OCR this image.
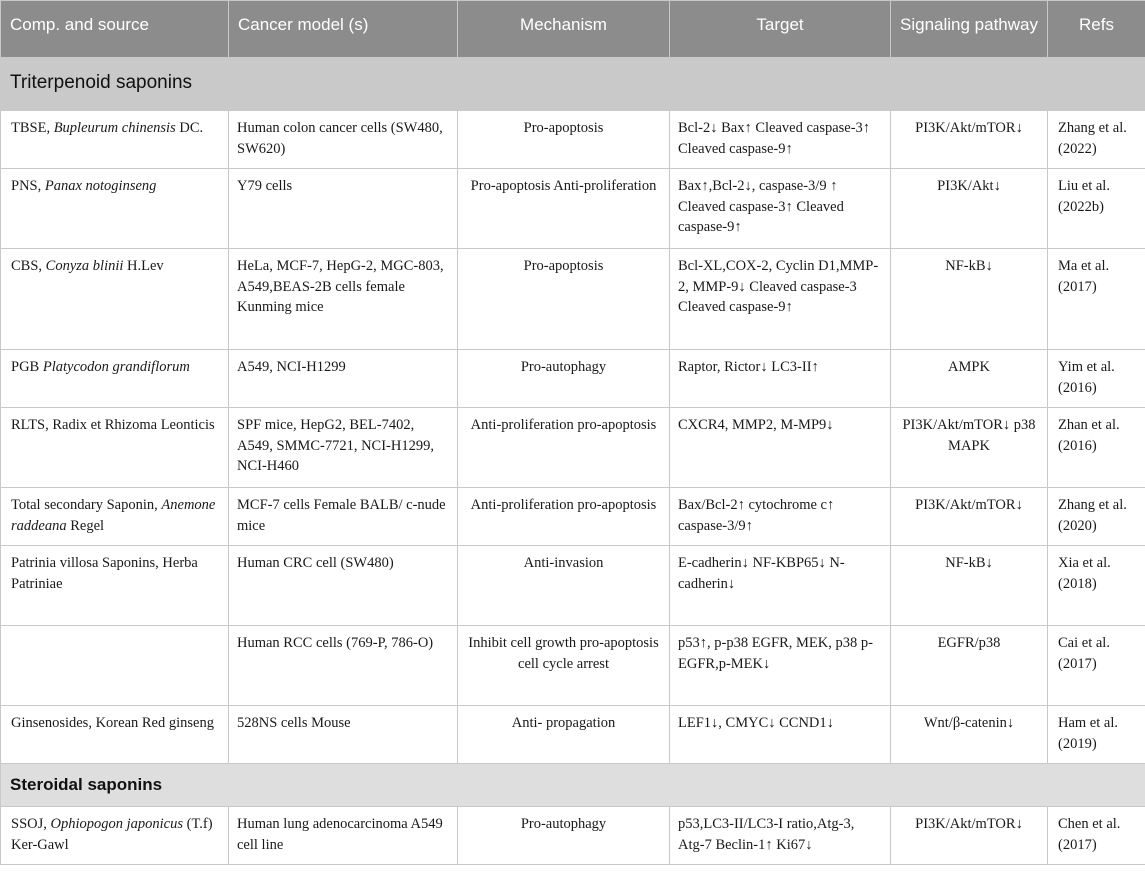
Comp. and source	Cancer model (s)	Mechanism	Target	Signaling pathway	Refs
Triterpenoid saponins					
TBSE, Bupleurum chinensis DC.	Human colon cancer cells (SW480, SW620)	Pro-apoptosis	Bcl-2↓ Bax↑ Cleaved caspase-3↑ Cleaved caspase-9↑	PI3K/Akt/mTOR↓	Zhang et al. (2022)
PNS, Panax notoginseng	Y79 cells	Pro-apoptosis Anti-proliferation	Bax↑,Bcl-2↓, caspase-3/9 ↑ Cleaved caspase-3↑ Cleaved caspase-9↑	PI3K/Akt↓	Liu et al. (2022b)
CBS, Conyza blinii H.Lev	HeLa, MCF-7, HepG-2, MGC-803, A549,BEAS-2B cells female Kunming mice	Pro-apoptosis	Bcl-XL,COX-2, Cyclin D1,MMP-2, MMP-9↓ Cleaved caspase-3 Cleaved caspase-9↑	NF-kB↓	Ma et al. (2017)
PGB Platycodon grandiflorum	A549, NCI-H1299	Pro-autophagy	Raptor, Rictor↓ LC3-II↑	AMPK	Yim et al. (2016)
RLTS, Radix et Rhizoma Leonticis	SPF mice, HepG2, BEL-7402, A549, SMMC-7721, NCI-H1299, NCI-H460	Anti-proliferation pro-apoptosis	CXCR4, MMP2, M-MP9↓	PI3K/Akt/mTOR↓ p38 MAPK	Zhan et al. (2016)
Total secondary Saponin, Anemone raddeana Regel	MCF-7 cells Female BALB/ c-nude mice	Anti-proliferation pro-apoptosis	Bax/Bcl-2↑ cytochrome c↑ caspase-3/9↑	PI3K/Akt/mTOR↓	Zhang et al. (2020)
Patrinia villosa Saponins, Herba Patriniae	Human CRC cell (SW480)	Anti-invasion	E-cadherin↓ NF-KBP65↓ N-cadherin↓	NF-kB↓	Xia et al. (2018)
	Human RCC cells (769-P, 786-O)	Inhibit cell growth pro-apoptosis cell cycle arrest	p53↑, p-p38 EGFR, MEK, p38 p-EGFR,p-MEK↓	EGFR/p38	Cai et al. (2017)
Ginsenosides, Korean Red ginseng	528NS cells Mouse	Anti- propagation	LEF1↓, CMYC↓ CCND1↓	Wnt/β-catenin↓	Ham et al. (2019)
Steroidal saponins					
SSOJ, Ophiopogon japonicus (T.f) Ker-Gawl	Human lung adenocarcinoma A549 cell line	Pro-autophagy	p53,LC3-II/LC3-I ratio,Atg-3, Atg-7 Beclin-1↑ Ki67↓	PI3K/Akt/mTOR↓	Chen et al. (2017)
